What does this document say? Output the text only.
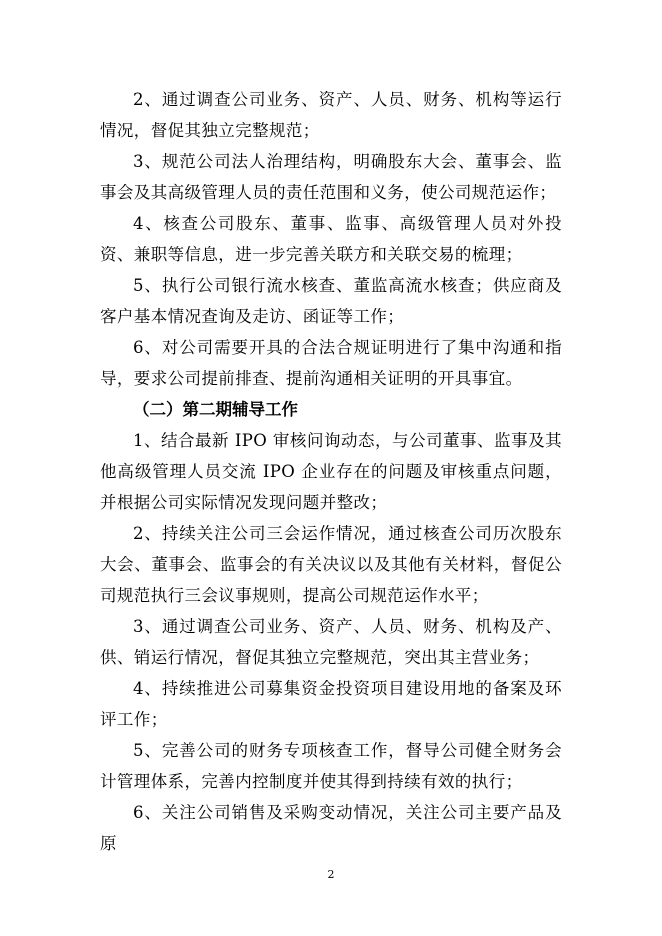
2、通过调查公司业务、资产、人员、财务、机构等运行情况，督促其独立完整规范；

3、规范公司法人治理结构，明确股东大会、董事会、监事会及其高级管理人员的责任范围和义务，使公司规范运作；

4、核查公司股东、董事、监事、高级管理人员对外投资、兼职等信息，进一步完善关联方和关联交易的梳理；

5、执行公司银行流水核查、董监高流水核查；供应商及客户基本情况查询及走访、函证等工作；

6、对公司需要开具的合法合规证明进行了集中沟通和指导，要求公司提前排查、提前沟通相关证明的开具事宜。

（二）第二期辅导工作

1、结合最新 IPO 审核问询动态，与公司董事、监事及其他高级管理人员交流 IPO 企业存在的问题及审核重点问题，并根据公司实际情况发现问题并整改；

2、持续关注公司三会运作情况，通过核查公司历次股东大会、董事会、监事会的有关决议以及其他有关材料，督促公司规范执行三会议事规则，提高公司规范运作水平；

3、通过调查公司业务、资产、人员、财务、机构及产、供、销运行情况，督促其独立完整规范，突出其主营业务；

4、持续推进公司募集资金投资项目建设用地的备案及环评工作；

5、完善公司的财务专项核查工作，督导公司健全财务会计管理体系，完善内控制度并使其得到持续有效的执行；

6、关注公司销售及采购变动情况，关注公司主要产品及原

2
